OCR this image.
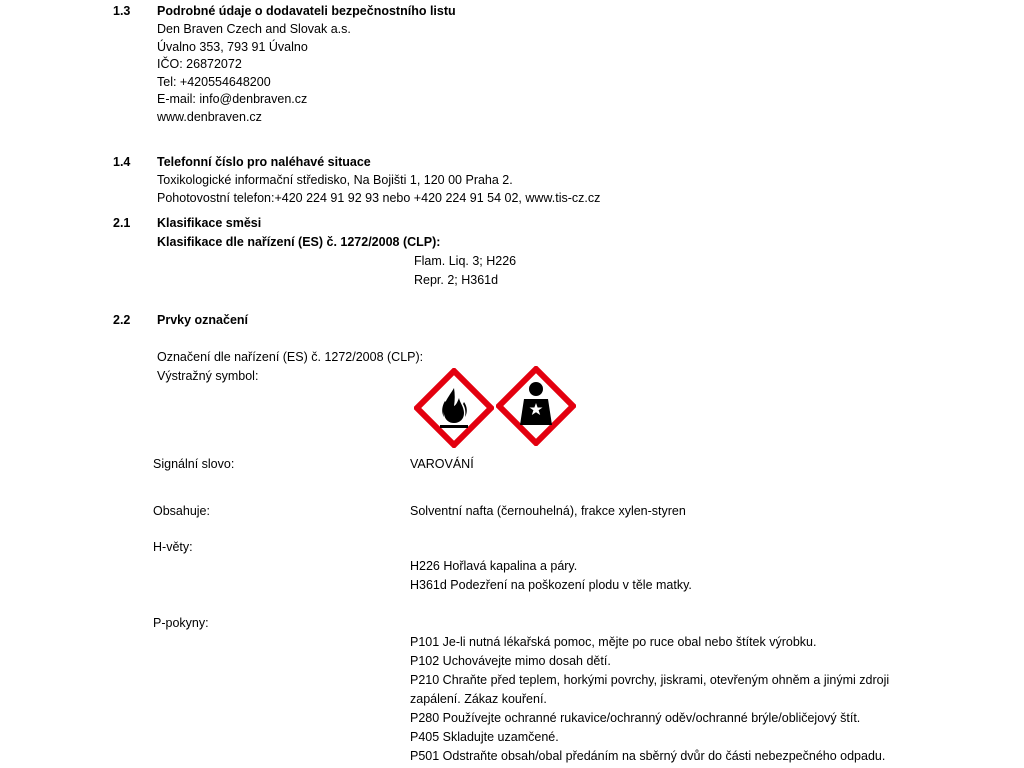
1.3 Podrobné údaje o dodavateli bezpečnostního listu
Den Braven Czech and Slovak a.s.
Úvalno 353, 793 91 Úvalno
IČO: 26872072
Tel: +420554648200
E-mail: info@denbraven.cz
www.denbraven.cz
1.4 Telefonní číslo pro naléhavé situace
Toxikologické informační středisko, Na Bojišti 1, 120 00 Praha 2.
Pohotovostní telefon:+420 224 91 92 93 nebo +420 224 91 54 02, www.tis-cz.cz
2.1 Klasifikace směsi
Klasifikace dle nařízení (ES) č. 1272/2008 (CLP):
Flam. Liq. 3; H226
Repr. 2; H361d
2.2 Prvky označení
Označení dle nařízení (ES) č. 1272/2008 (CLP):
Výstražný symbol:
Signální slovo:	VAROVÁNÍ
Obsahuje:	Solventní nafta (černouhelná), frakce xylen-styren
H-věty:
H226 Hořlavá kapalina a páry.
H361d Podezření na poškození plodu v těle matky.
P-pokyny:
P101 Je-li nutná lékařská pomoc, mějte po ruce obal nebo štítek výrobku.
P102 Uchovávejte mimo dosah dětí.
P210 Chraňte před teplem, horkými povrchy, jiskrami, otevřeným ohněm a jinými zdroji
zapálení. Zákaz kouření.
P280 Používejte ochranné rukavice/ochranný oděv/ochranné brýle/obličejový štít.
P405 Skladujte uzamčené.
P501 Odstraňte obsah/obal předáním na sběrný dvůr do části nebezpečného odpadu.
